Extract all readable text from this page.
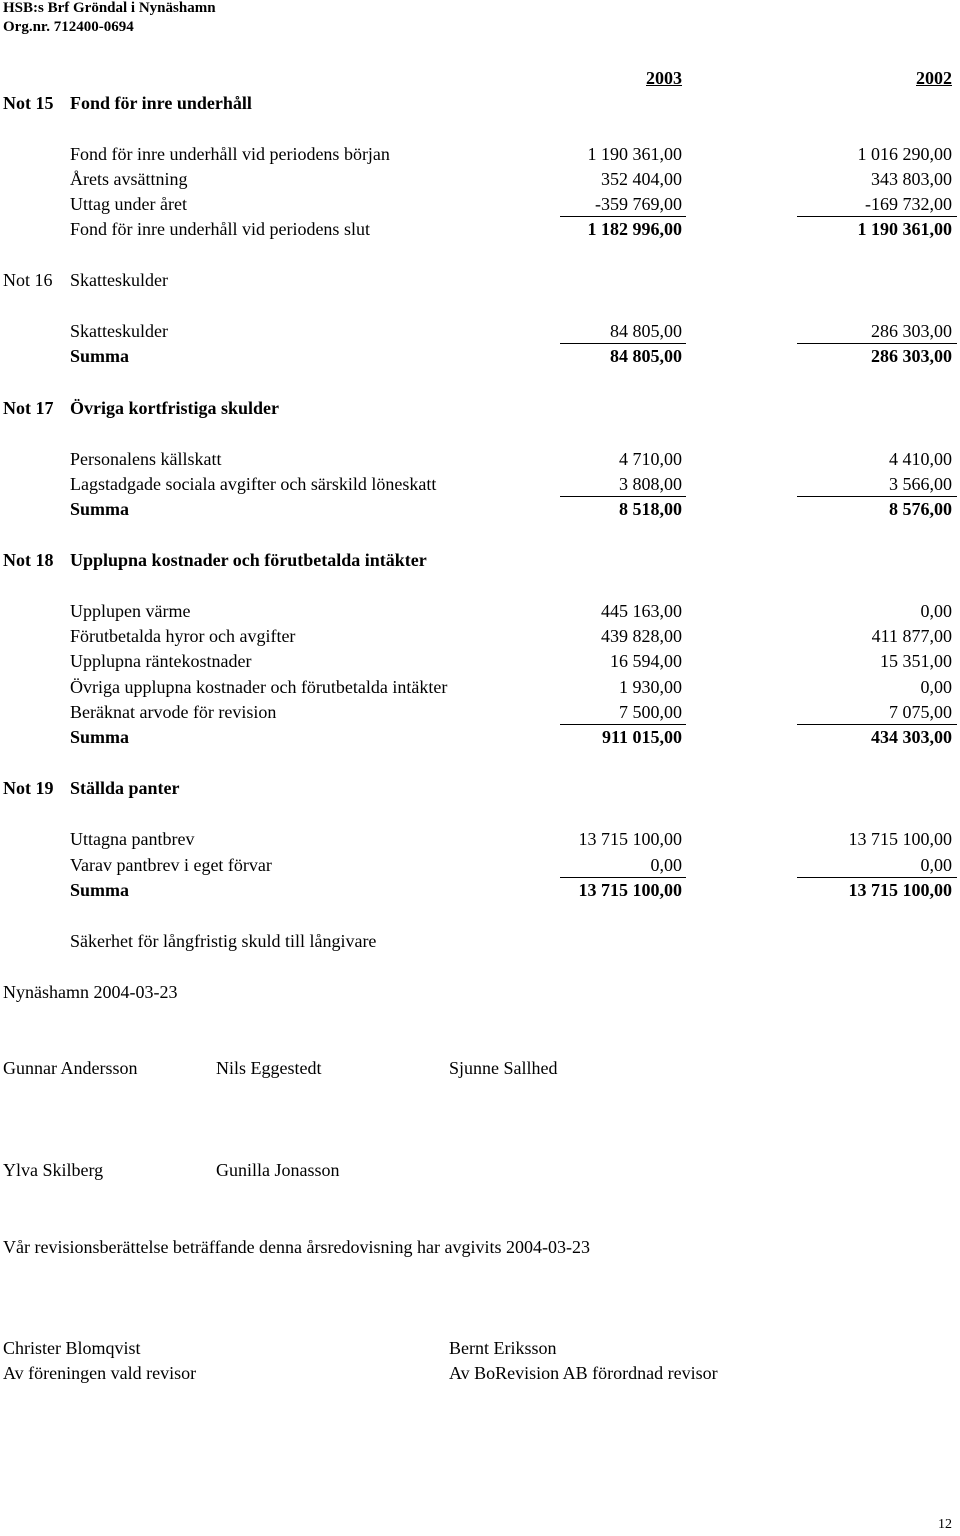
HSB:s Brf Gröndal i Nynäshamn
Org.nr. 712400-0694
2003	2002
Not 15 Fond för inre underhåll
Fond för inre underhåll vid periodens början	1 190 361,00	1 016 290,00
Årets avsättning	352 404,00	343 803,00
Uttag under året	-359 769,00	-169 732,00
Fond för inre underhåll vid periodens slut	1 182 996,00	1 190 361,00
Not 16 Skatteskulder
Skatteskulder	84 805,00	286 303,00
Summa	84 805,00	286 303,00
Not 17 Övriga kortfristiga skulder
Personalens källskatt	4 710,00	4 410,00
Lagstadgade sociala avgifter och särskild löneskatt	3 808,00	3 566,00
Summa	8 518,00	8 576,00
Not 18 Upplupna kostnader och förutbetalda intäkter
Upplupen värme	445 163,00	0,00
Förutbetalda hyror och avgifter	439 828,00	411 877,00
Upplupna räntekostnader	16 594,00	15 351,00
Övriga upplupna kostnader och förutbetalda intäkter	1 930,00	0,00
Beräknat arvode för revision	7 500,00	7 075,00
Summa	911 015,00	434 303,00
Not 19 Ställda panter
Uttagna pantbrev	13 715 100,00	13 715 100,00
Varav pantbrev i eget förvar	0,00	0,00
Summa	13 715 100,00	13 715 100,00
Säkerhet för långfristig skuld till långivare
Nynäshamn 2004-03-23
Gunnar Andersson	Nils Eggestedt	Sjunne Sallhed
Ylva Skilberg	Gunilla Jonasson
Vår revisionsberättelse beträffande denna årsredovisning har avgivits 2004-03-23
Christer Blomqvist
Av föreningen vald revisor
Bernt Eriksson
Av BoRevision AB förordnad revisor
12
